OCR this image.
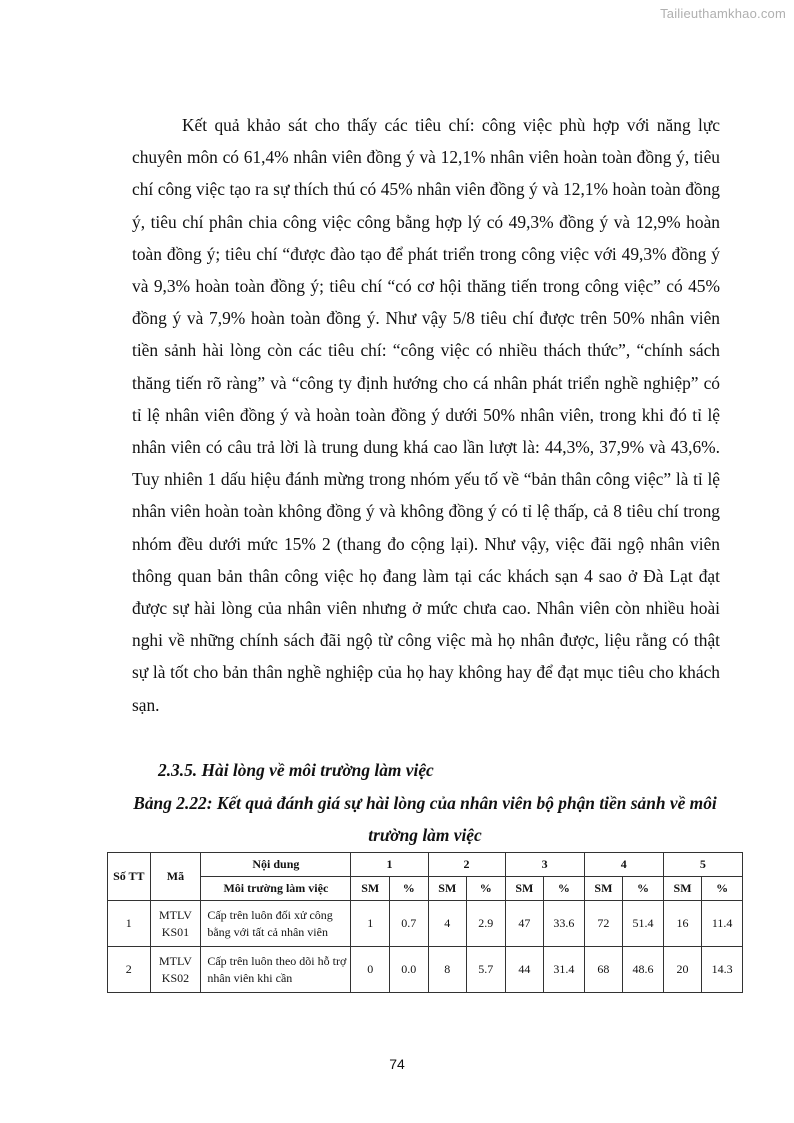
Tailieuthamkhao.com

Kết quả khảo sát cho thấy các tiêu chí: công việc phù hợp với năng lực chuyên môn có 61,4% nhân viên đồng ý và 12,1% nhân viên hoàn toàn đồng ý, tiêu chí công việc tạo ra sự thích thú có 45% nhân viên đồng ý và 12,1% hoàn toàn đồng ý, tiêu chí phân chia công việc công bằng hợp lý có 49,3% đồng ý và 12,9% hoàn toàn đồng ý; tiêu chí “được đào tạo để phát triển trong công việc với 49,3% đồng ý và 9,3% hoàn toàn đồng ý; tiêu chí “có cơ hội thăng tiến trong công việc” có 45% đồng ý và 7,9% hoàn toàn đồng ý. Như vậy 5/8 tiêu chí được trên 50% nhân viên tiền sảnh hài lòng còn các tiêu chí: “công việc có nhiều thách thức”, “chính sách thăng tiến rõ ràng” và “công ty định hướng cho cá nhân phát triển nghề nghiệp” có tỉ lệ nhân viên đồng ý và hoàn toàn đồng ý dưới 50% nhân viên, trong khi đó tỉ lệ nhân viên có câu trả lời là trung dung khá cao lần lượt là: 44,3%, 37,9% và 43,6%. Tuy nhiên 1 dấu hiệu đánh mừng trong nhóm yếu tố về “bản thân công việc” là tỉ lệ nhân viên hoàn toàn không đồng ý và không đồng ý có tỉ lệ thấp, cả 8 tiêu chí trong nhóm đều dưới mức 15% 2 (thang đo cộng lại). Như vậy, việc đãi ngộ nhân viên thông quan bản thân công việc họ đang làm tại các khách sạn 4 sao ở Đà Lạt đạt được sự hài lòng của nhân viên nhưng ở mức chưa cao. Nhân viên còn nhiều hoài nghi về những chính sách đãi ngộ từ công việc mà họ nhân được, liệu rằng có thật sự là tốt cho bản thân nghề nghiệp của họ hay không hay để đạt mục tiêu cho khách sạn.

2.3.5. Hài lòng về môi trường làm việc
Bảng 2.22: Kết quả đánh giá sự hài lòng của nhân viên bộ phận tiền sảnh về môi trường làm việc
Số TT	Mã	Nội dung	1		2		3		4		5	
		Môi trường làm việc	SM	%	SM	%	SM	%	SM	%	SM	%
1	MTLV KS01	Cấp trên luôn đối xử công bằng với tất cả nhân viên	1	0.7	4	2.9	47	33.6	72	51.4	16	11.4
2	MTLV KS02	Cấp trên luôn theo dõi hỗ trợ nhân viên khi cần	0	0.0	8	5.7	44	31.4	68	48.6	20	14.3
74
